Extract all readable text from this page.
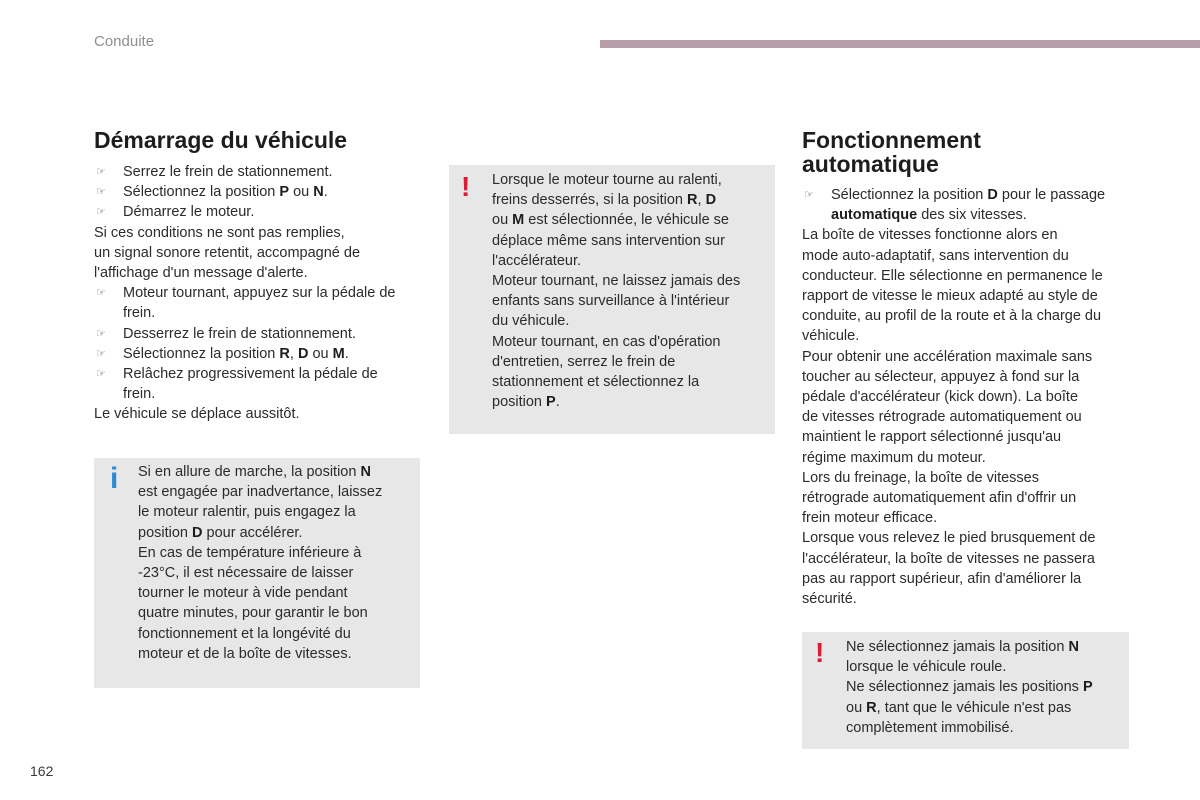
Conduite
Démarrage du véhicule
☞ Serrez le frein de stationnement.
☞ Sélectionnez la position P ou N.
☞ Démarrez le moteur.
Si ces conditions ne sont pas remplies,
un signal sonore retentit, accompagné de
l'affichage d'un message d'alerte.
☞ Moteur tournant, appuyez sur la pédale de
frein.
☞ Desserrez le frein de stationnement.
☞ Sélectionnez la position R, D ou M.
☞ Relâchez progressivement la pédale de
frein.
Le véhicule se déplace aussitôt.
i Si en allure de marche, la position N
est engagée par inadvertance, laissez
le moteur ralentir, puis engagez la
position D pour accélérer.
En cas de température inférieure à
-23°C, il est nécessaire de laisser
tourner le moteur à vide pendant
quatre minutes, pour garantir le bon
fonctionnement et la longévité du
moteur et de la boîte de vitesses.
! Lorsque le moteur tourne au ralenti,
freins desserrés, si la position R, D
ou M est sélectionnée, le véhicule se
déplace même sans intervention sur
l'accélérateur.
Moteur tournant, ne laissez jamais des
enfants sans surveillance à l'intérieur
du véhicule.
Moteur tournant, en cas d'opération
d'entretien, serrez le frein de
stationnement et sélectionnez la
position P.
Fonctionnement
automatique
☞ Sélectionnez la position D pour le passage
automatique des six vitesses.
La boîte de vitesses fonctionne alors en
mode auto-adaptatif, sans intervention du
conducteur. Elle sélectionne en permanence le
rapport de vitesse le mieux adapté au style de
conduite, au profil de la route et à la charge du
véhicule.
Pour obtenir une accélération maximale sans
toucher au sélecteur, appuyez à fond sur la
pédale d'accélérateur (kick down). La boîte
de vitesses rétrograde automatiquement ou
maintient le rapport sélectionné jusqu'au
régime maximum du moteur.
Lors du freinage, la boîte de vitesses
rétrograde automatiquement afin d'offrir un
frein moteur efficace.
Lorsque vous relevez le pied brusquement de
l'accélérateur, la boîte de vitesses ne passera
pas au rapport supérieur, afin d'améliorer la
sécurité.
! Ne sélectionnez jamais la position N
lorsque le véhicule roule.
Ne sélectionnez jamais les positions P
ou R, tant que le véhicule n'est pas
complètement immobilisé.
162
